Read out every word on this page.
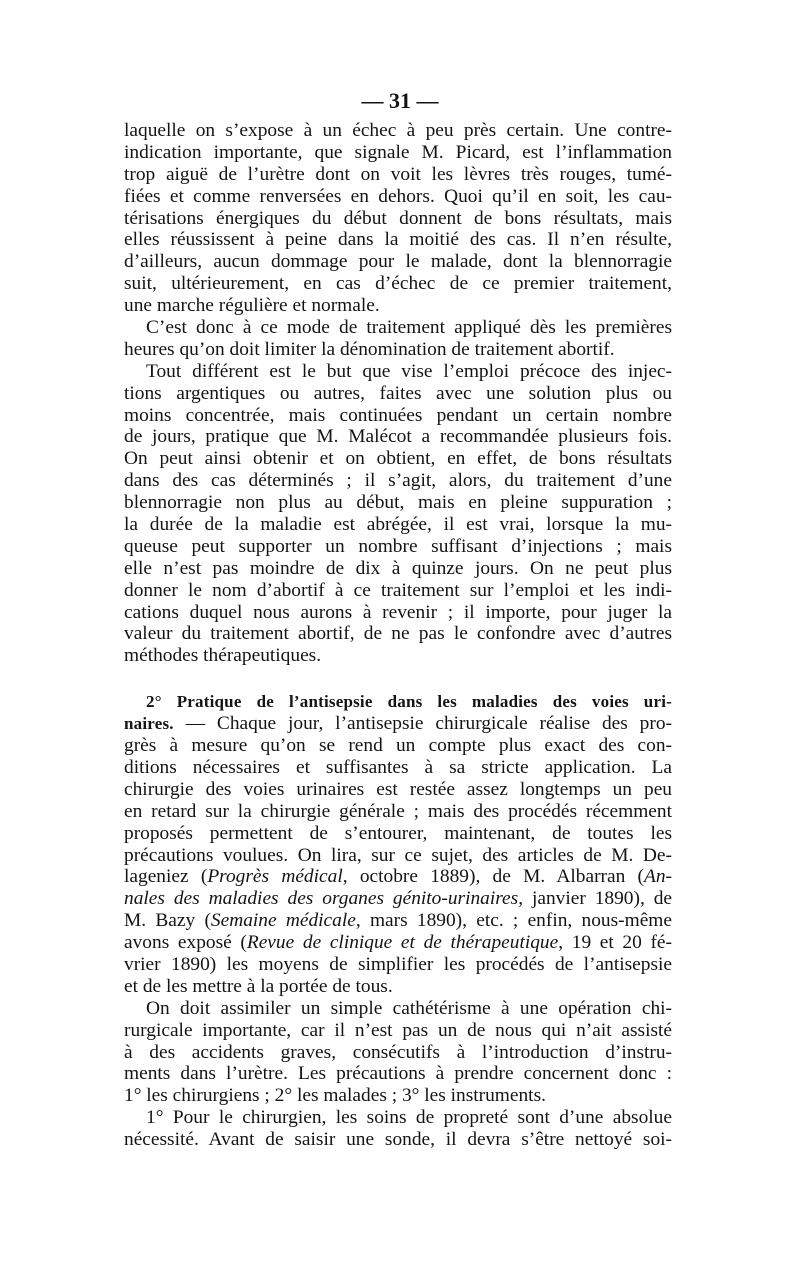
— 31 —
laquelle on s’expose à un échec à peu près certain. Une contre-
indication importante, que signale M. Picard, est l’inflammation
trop aiguë de l’urètre dont on voit les lèvres très rouges, tumé-
fiées et comme renversées en dehors. Quoi qu’il en soit, les cau-
térisations énergiques du début donnent de bons résultats, mais
elles réussissent à peine dans la moitié des cas. Il n’en résulte,
d’ailleurs, aucun dommage pour le malade, dont la blennorragie
suit, ultérieurement, en cas d’échec de ce premier traitement,
une marche régulière et normale.
C’est donc à ce mode de traitement appliqué dès les premières
heures qu’on doit limiter la dénomination de traitement abortif.
Tout différent est le but que vise l’emploi précoce des injec-
tions argentiques ou autres, faites avec une solution plus ou
moins concentrée, mais continuées pendant un certain nombre
de jours, pratique que M. Malécot a recommandée plusieurs fois.
On peut ainsi obtenir et on obtient, en effet, de bons résultats
dans des cas déterminés ; il s’agit, alors, du traitement d’une
blennorragie non plus au début, mais en pleine suppuration ;
la durée de la maladie est abrégée, il est vrai, lorsque la mu-
queuse peut supporter un nombre suffisant d’injections ; mais
elle n’est pas moindre de dix à quinze jours. On ne peut plus
donner le nom d’abortif à ce traitement sur l’emploi et les indi-
cations duquel nous aurons à revenir ; il importe, pour juger la
valeur du traitement abortif, de ne pas le confondre avec d’autres
méthodes thérapeutiques.
2° Pratique de l’antisepsie dans les maladies des voies uri-
naires. — Chaque jour, l’antisepsie chirurgicale réalise des pro-
grès à mesure qu’on se rend un compte plus exact des con-
ditions nécessaires et suffisantes à sa stricte application. La
chirurgie des voies urinaires est restée assez longtemps un peu
en retard sur la chirurgie générale ; mais des procédés récemment
proposés permettent de s’entourer, maintenant, de toutes les
précautions voulues. On lira, sur ce sujet, des articles de M. De-
lageniez (Progrès médical, octobre 1889), de M. Albarran (An-
nales des maladies des organes génito-urinaires, janvier 1890), de
M. Bazy (Semaine médicale, mars 1890), etc. ; enfin, nous-même
avons exposé (Revue de clinique et de thérapeutique, 19 et 20 fé-
vrier 1890) les moyens de simplifier les procédés de l’antisepsie
et de les mettre à la portée de tous.
On doit assimiler un simple cathétérisme à une opération chi-
rurgicale importante, car il n’est pas un de nous qui n’ait assisté
à des accidents graves, consécutifs à l’introduction d’instru-
ments dans l’urètre. Les précautions à prendre concernent donc :
1° les chirurgiens ; 2° les malades ; 3° les instruments.
1° Pour le chirurgien, les soins de propreté sont d’une absolue
nécessité. Avant de saisir une sonde, il devra s’être nettoyé soi-
